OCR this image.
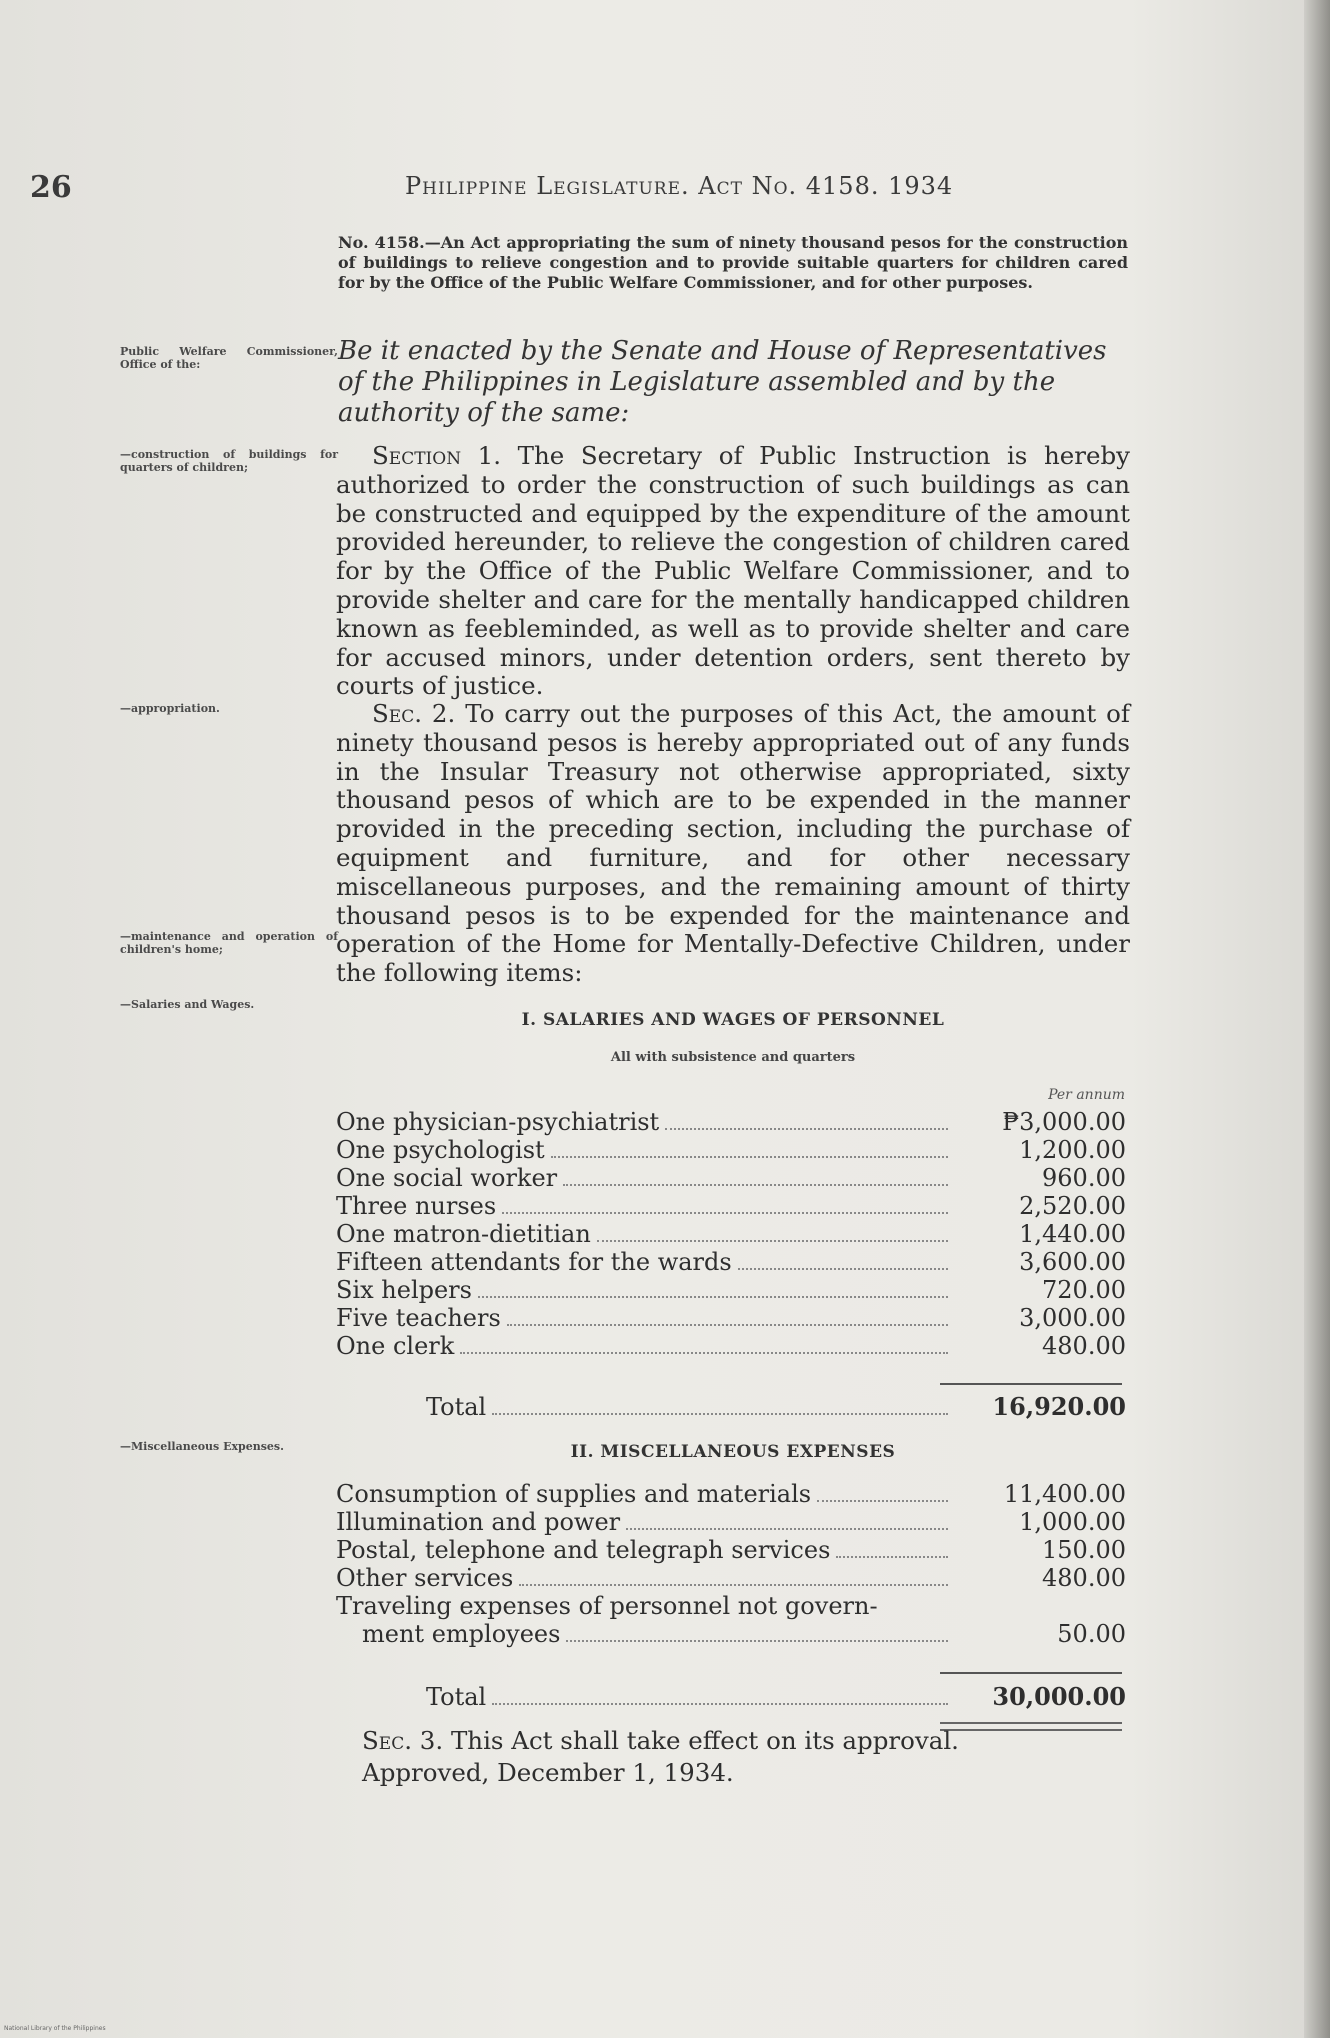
26	Philippine Legislature. Act No. 4158. 1934
No. 4158.—An Act appropriating the sum of ninety thousand pesos for the construction of buildings to relieve congestion and to provide suitable quarters for children cared for by the Office of the Public Welfare Commissioner, and for other purposes.
Public Welfare Commissioner, Office of the:	Be it enacted by the Senate and House of Representatives of the Philippines in Legislature assembled and by the authority of the same:
—construction of buildings for quarters of children;	Section 1. The Secretary of Public Instruction is hereby authorized to order the construction of such buildings as can be constructed and equipped by the expenditure of the amount provided hereunder, to relieve the congestion of children cared for by the Office of the Public Welfare Commissioner, and to provide shelter and care for the mentally handicapped children known as feebleminded, as well as to provide shelter and care for accused minors, under detention orders, sent thereto by courts of justice.
—appropriation.	Sec. 2. To carry out the purposes of this Act, the amount of ninety thousand pesos is hereby appropriated out of any funds in the Insular Treasury not otherwise appropriated, sixty thousand pesos of which are to be expended in the manner provided in the preceding section, including the purchase of equipment and furniture, and for other necessary miscellaneous purposes, and the remaining amount of thirty thousand pesos is to be expended for the maintenance and operation of the Home for Mentally-Defective Children, under the following items:
—maintenance and operation of children's home;
—Salaries and Wages.
I. SALARIES AND WAGES OF PERSONNEL
All with subsistence and quarters
Per annum
One physician-psychiatrist	₱3,000.00
One psychologist	1,200.00
One social worker	960.00
Three nurses	2,520.00
One matron-dietitian	1,440.00
Fifteen attendants for the wards	3,600.00
Six helpers	720.00
Five teachers	3,000.00
One clerk	480.00
Total	16,920.00
—Miscellaneous Expenses.	II. MISCELLANEOUS EXPENSES
Consumption of supplies and materials	11,400.00
Illumination and power	1,000.00
Postal, telephone and telegraph services	150.00
Other services	480.00
Traveling expenses of personnel not govern-
ment employees	50.00
Total	30,000.00
Sec. 3. This Act shall take effect on its approval.
Approved, December 1, 1934.
National Library of the Philippines
